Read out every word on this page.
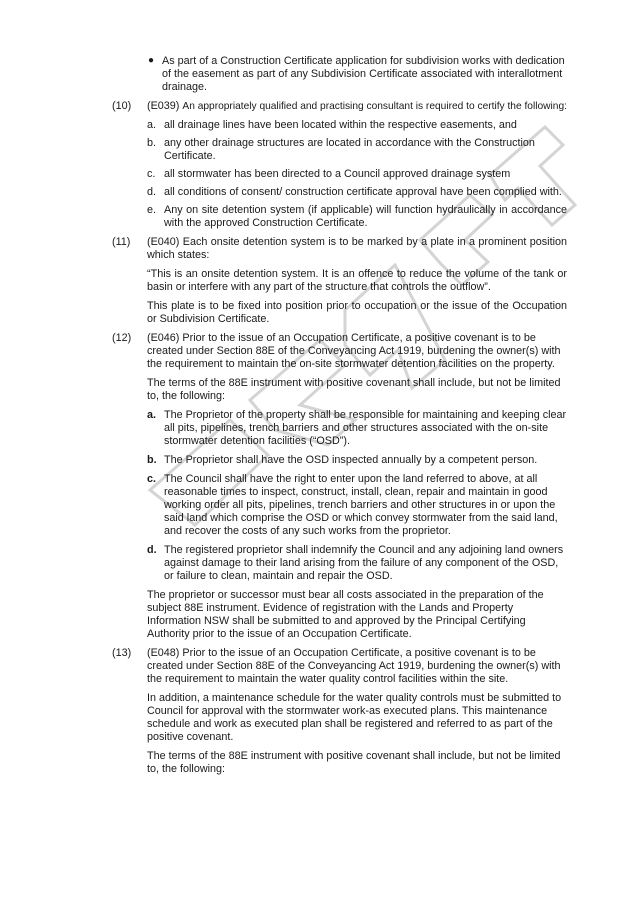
● As part of a Construction Certificate application for subdivision works with dedication of the easement as part of any Subdivision Certificate associated with interallotment drainage.

(10) (E039) An appropriately qualified and practising consultant is required to certify the following:

a. all drainage lines have been located within the respective easements, and
b. any other drainage structures are located in accordance with the Construction Certificate.
c. all stormwater has been directed to a Council approved drainage system
d. all conditions of consent/ construction certificate approval have been complied with.
e. Any on site detention system (if applicable) will function hydraulically in accordance with the approved Construction Certificate.
(11) (E040) Each onsite detention system is to be marked by a plate in a prominent position which states:

“This is an onsite detention system. It is an offence to reduce the volume of the tank or basin or interfere with any part of the structure that controls the outflow”.

This plate is to be fixed into position prior to occupation or the issue of the Occupation or Subdivision Certificate.

(12) (E046) Prior to the issue of an Occupation Certificate, a positive covenant is to be created under Section 88E of the Conveyancing Act 1919, burdening the owner(s) with the requirement to maintain the on-site stormwater detention facilities on the property.

The terms of the 88E instrument with positive covenant shall include, but not be limited to, the following:

a. The Proprietor of the property shall be responsible for maintaining and keeping clear all pits, pipelines, trench barriers and other structures associated with the on-site stormwater detention facilities (“OSD”).
b. The Proprietor shall have the OSD inspected annually by a competent person.
c. The Council shall have the right to enter upon the land referred to above, at all reasonable times to inspect, construct, install, clean, repair and maintain in good working order all pits, pipelines, trench barriers and other structures in or upon the said land which comprise the OSD or which convey stormwater from the said land, and recover the costs of any such works from the proprietor.
d. The registered proprietor shall indemnify the Council and any adjoining land owners against damage to their land arising from the failure of any component of the OSD, or failure to clean, maintain and repair the OSD.

The proprietor or successor must bear all costs associated in the preparation of the subject 88E instrument. Evidence of registration with the Lands and Property Information NSW shall be submitted to and approved by the Principal Certifying Authority prior to the issue of an Occupation Certificate.

(13) (E048) Prior to the issue of an Occupation Certificate, a positive covenant is to be created under Section 88E of the Conveyancing Act 1919, burdening the owner(s) with the requirement to maintain the water quality control facilities within the site.

In addition, a maintenance schedule for the water quality controls must be submitted to Council for approval with the stormwater work-as executed plans. This maintenance schedule and work as executed plan shall be registered and referred to as part of the positive covenant.

The terms of the 88E instrument with positive covenant shall include, but not be limited to, the following:
